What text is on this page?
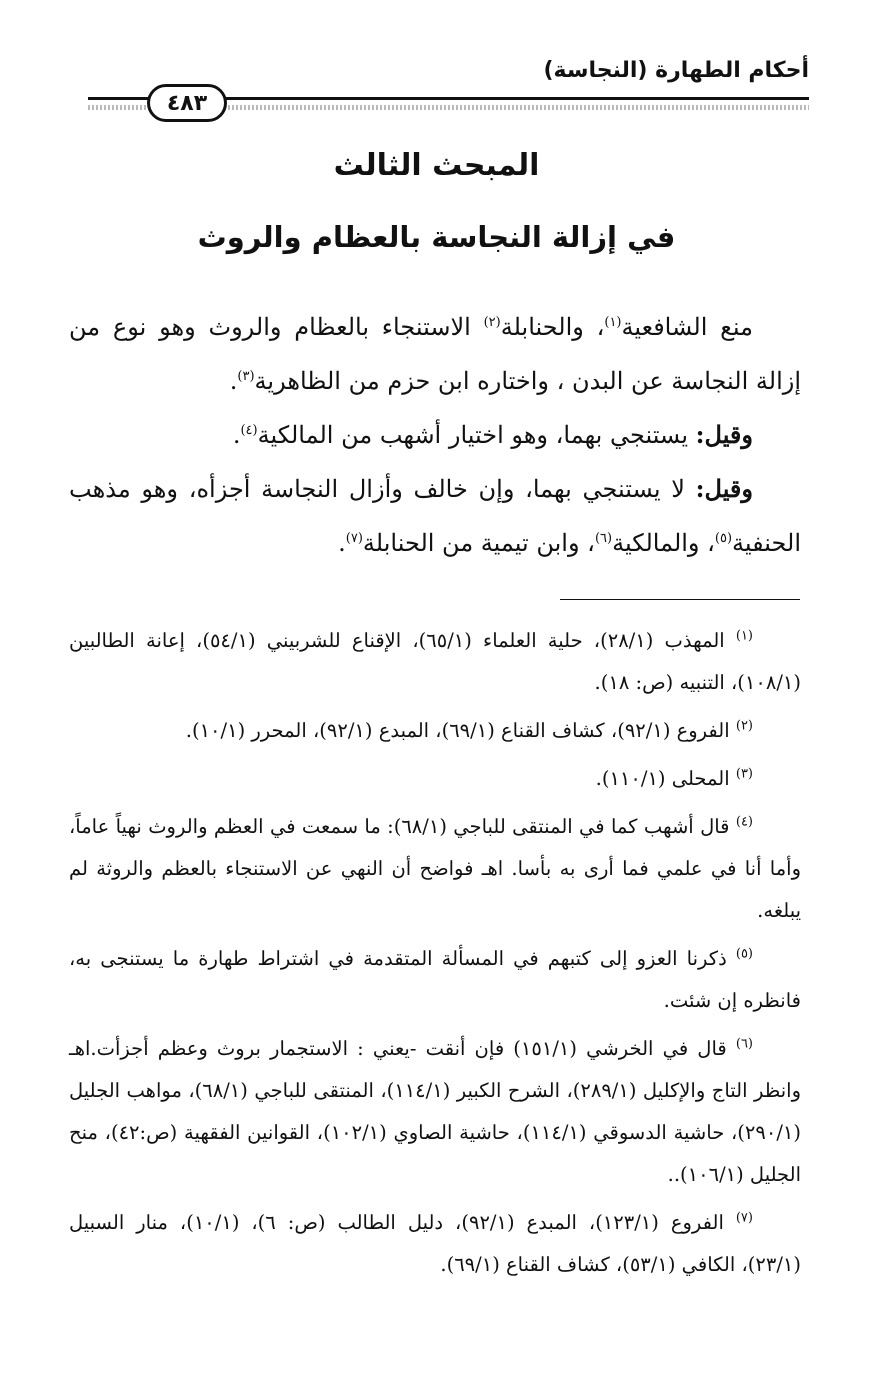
أحكام الطهارة (النجاسة)
٤٨٣
المبحث الثالث
في إزالة النجاسة بالعظام والروث

منع الشافعية$^{(١)}$، والحنابلة$^{(٢)}$ الاستنجاء بالعظام والروث وهو نوع من إزالة النجاسة عن البدن ، واختاره ابن حزم من الظاهرية$^{(٣)}$.

وقيل: يستنجي بهما، وهو اختيار أشهب من المالكية$^{(٤)}$.

وقيل: لا يستنجي بهما، وإن خالف وأزال النجاسة أجزأه، وهو مذهب الحنفية$^{(٥)}$، والمالكية$^{(٦)}$، وابن تيمية من الحنابلة$^{(٧)}$.

$^{(١)}$ المهذب (٢٨/١)، حلية العلماء (٦٥/١)، الإقناع للشربيني (٥٤/١)، إعانة الطالبين (١٠٨/١)، التنبيه (ص: ١٨).

$^{(٢)}$ الفروع (٩٢/١)، كشاف القناع (٦٩/١)، المبدع (٩٢/١)، المحرر (١٠/١).

$^{(٣)}$ المحلى (١١٠/١).

$^{(٤)}$ قال أشهب كما في المنتقى للباجي (٦٨/١): ما سمعت في العظم والروث نهياً عاماً، وأما أنا في علمي فما أرى به بأسا. اهـ فواضح أن النهي عن الاستنجاء بالعظم والروثة لم يبلغه.

$^{(٥)}$ ذكرنا العزو إلى كتبهم في المسألة المتقدمة في اشتراط طهارة ما يستنجى به، فانظره إن شئت.

$^{(٦)}$ قال في الخرشي (١٥١/١) فإن أنقت -يعني : الاستجمار بروث وعظم أجزأت.اهـ وانظر التاج والإكليل (٢٨٩/١)، الشرح الكبير (١١٤/١)، المنتقى للباجي (٦٨/١)، مواهب الجليل (٢٩٠/١)، حاشية الدسوقي (١١٤/١)، حاشية الصاوي (١٠٢/١)، القوانين الفقهية (ص:٤٢)، منح الجليل (١٠٦/١)..

$^{(٧)}$ الفروع (١٢٣/١)، المبدع (٩٢/١)، دليل الطالب (ص: ٦)، (١٠/١)، منار السبيل (٢٣/١)، الكافي (٥٣/١)، كشاف القناع (٦٩/١).
